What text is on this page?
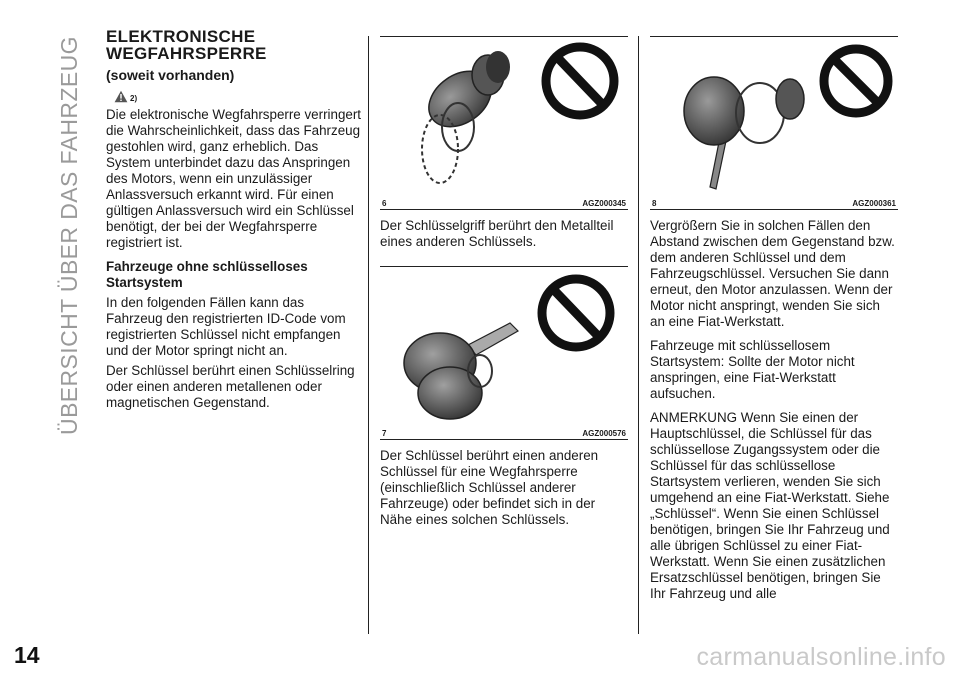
ÜBERSICHT ÜBER DAS FAHRZEUG
14
ELEKTRONISCHE
WEGFAHRSPERRE
(soweit vorhanden)
2)

Die elektronische Wegfahrsperre verringert die Wahrscheinlichkeit, dass das Fahrzeug gestohlen wird, ganz erheblich. Das System unterbindet dazu das Anspringen des Motors, wenn ein unzulässiger Anlassversuch erkannt wird. Für einen gültigen Anlassversuch wird ein Schlüssel benötigt, der bei der Wegfahrsperre registriert ist.

Fahrzeuge ohne schlüsselloses Startsystem

In den folgenden Fällen kann das Fahrzeug den registrierten ID-Code vom registrierten Schlüssel nicht empfangen und der Motor springt nicht an.

Der Schlüssel berührt einen Schlüsselring oder einen anderen metallenen oder magnetischen Gegenstand.

6	AGZ000345

Der Schlüsselgriff berührt den Metallteil eines anderen Schlüssels.

7	AGZ000576

Der Schlüssel berührt einen anderen Schlüssel für eine Wegfahrsperre (einschließlich Schlüssel anderer Fahrzeuge) oder befindet sich in der Nähe eines solchen Schlüssels.

8	AGZ000361

Vergrößern Sie in solchen Fällen den Abstand zwischen dem Gegenstand bzw. dem anderen Schlüssel und dem Fahrzeugschlüssel. Versuchen Sie dann erneut, den Motor anzulassen. Wenn der Motor nicht anspringt, wenden Sie sich an eine Fiat-Werkstatt.

Fahrzeuge mit schlüssellosem Startsystem: Sollte der Motor nicht anspringen, eine Fiat-Werkstatt aufsuchen.

ANMERKUNG Wenn Sie einen der Hauptschlüssel, die Schlüssel für das schlüssellose Zugangssystem oder die Schlüssel für das schlüssellose Startsystem verlieren, wenden Sie sich umgehend an eine Fiat-Werkstatt. Siehe „Schlüssel“. Wenn Sie einen Schlüssel benötigen, bringen Sie Ihr Fahrzeug und alle übrigen Schlüssel zu einer Fiat-Werkstatt. Wenn Sie einen zusätzlichen Ersatzschlüssel benötigen, bringen Sie Ihr Fahrzeug und alle

carmanualsonline.info
